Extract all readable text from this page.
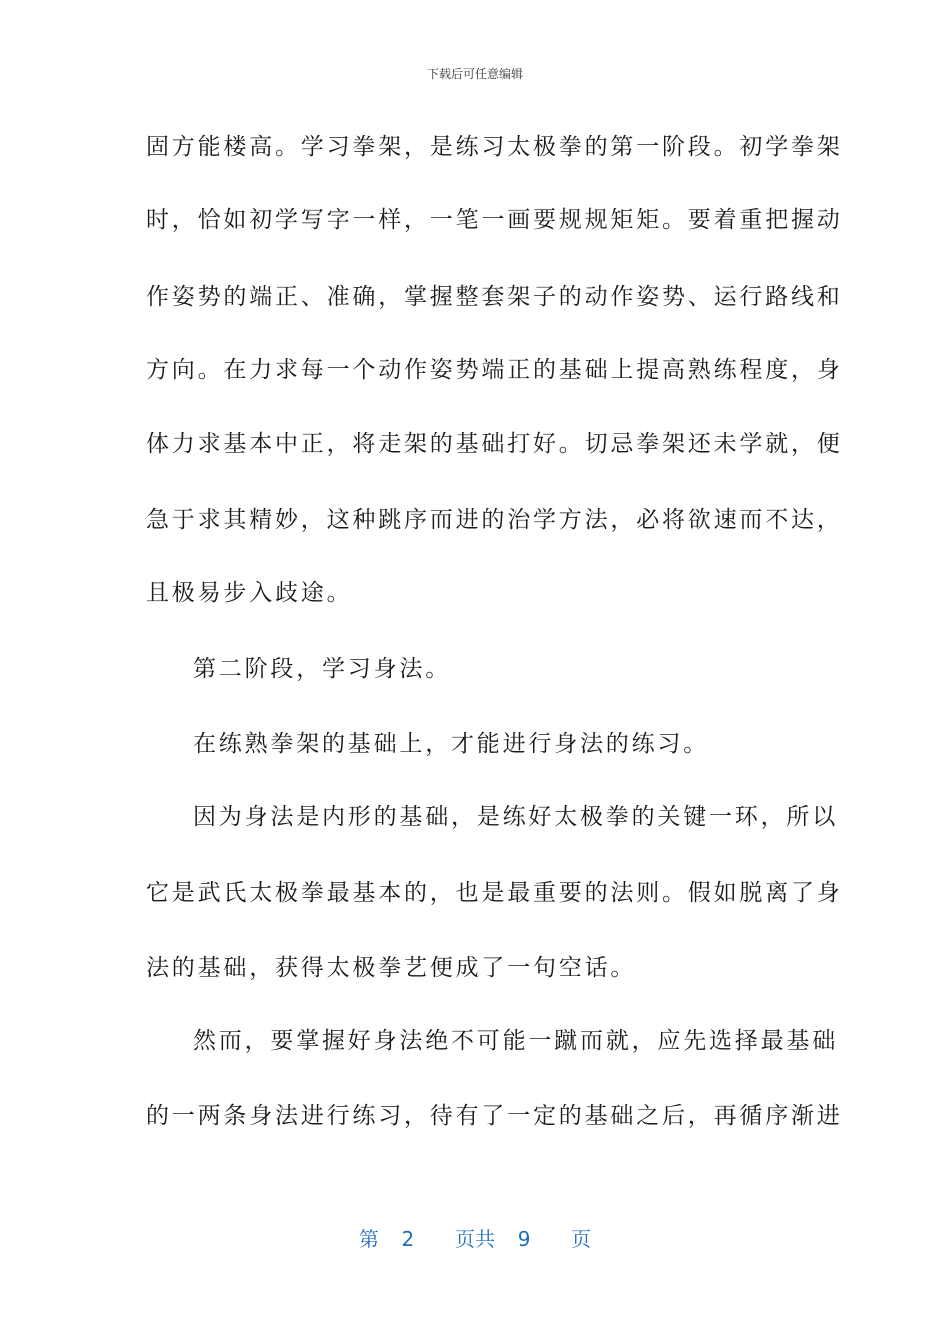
下载后可任意编辑
固方能楼高。学习拳架，是练习太极拳的第一阶段。初学拳架
时，恰如初学写字一样，一笔一画要规规矩矩。要着重把握动
作姿势的端正、准确，掌握整套架子的动作姿势、运行路线和
方向。在力求每一个动作姿势端正的基础上提高熟练程度，身
体力求基本中正，将走架的基础打好。切忌拳架还未学就，便
急于求其精妙，这种跳序而进的治学方法，必将欲速而不达，
且极易步入歧途。
第二阶段，学习身法。
在练熟拳架的基础上，才能进行身法的练习。
因为身法是内形的基础，是练好太极拳的关键一环，所以
它是武氏太极拳最基本的，也是最重要的法则。假如脱离了身
法的基础，获得太极拳艺便成了一句空话。
然而，要掌握好身法绝不可能一蹴而就，应先选择最基础
的一两条身法进行练习，待有了一定的基础之后，再循序渐进
第 2 页共 9 页
